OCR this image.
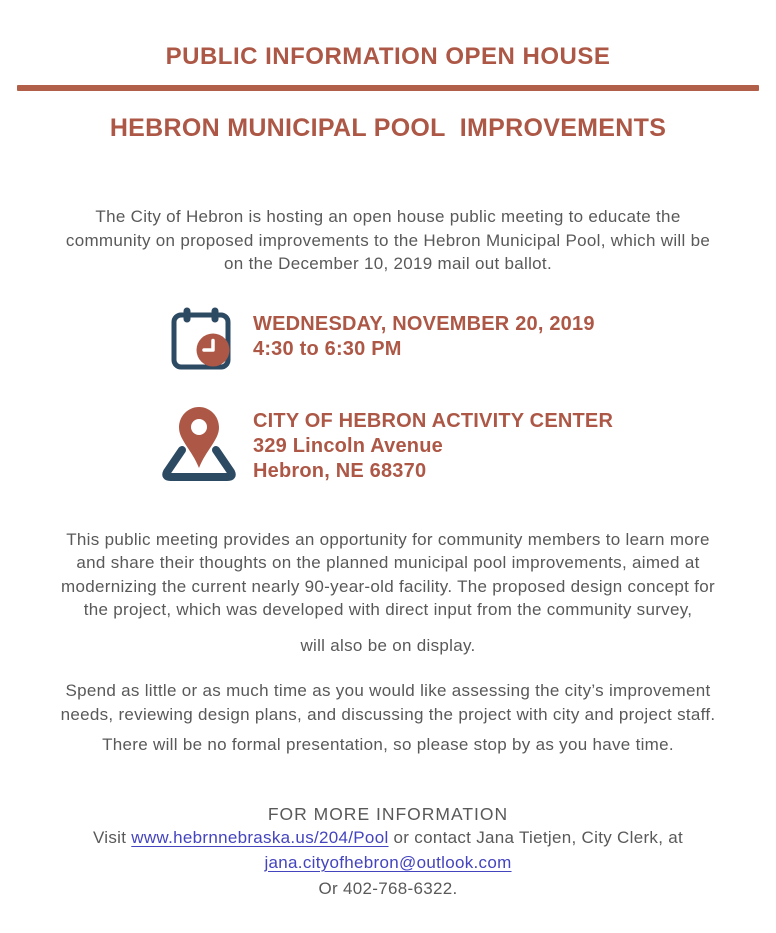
PUBLIC INFORMATION OPEN HOUSE
HEBRON MUNICIPAL POOL  IMPROVEMENTS
The City of Hebron is hosting an open house public meeting to educate the
community on proposed improvements to the Hebron Municipal Pool, which will be
on the December 10, 2019 mail out ballot.
WEDNESDAY, NOVEMBER 20, 2019
4:30 to 6:30 PM
CITY OF HEBRON ACTIVITY CENTER
329 Lincoln Avenue
Hebron, NE 68370
This public meeting provides an opportunity for community members to learn more
and share their thoughts on the planned municipal pool improvements, aimed at
modernizing the current nearly 90-year-old facility. The proposed design concept for
the project, which was developed with direct input from the community survey,
will also be on display.
Spend as little or as much time as you would like assessing the city’s improvement
needs, reviewing design plans, and discussing the project with city and project staff.
There will be no formal presentation, so please stop by as you have time.
FOR MORE INFORMATION
Visit www.hebrnnebraska.us/204/Pool or contact Jana Tietjen, City Clerk, at
jana.cityofhebron@outlook.com
Or 402-768-6322.
